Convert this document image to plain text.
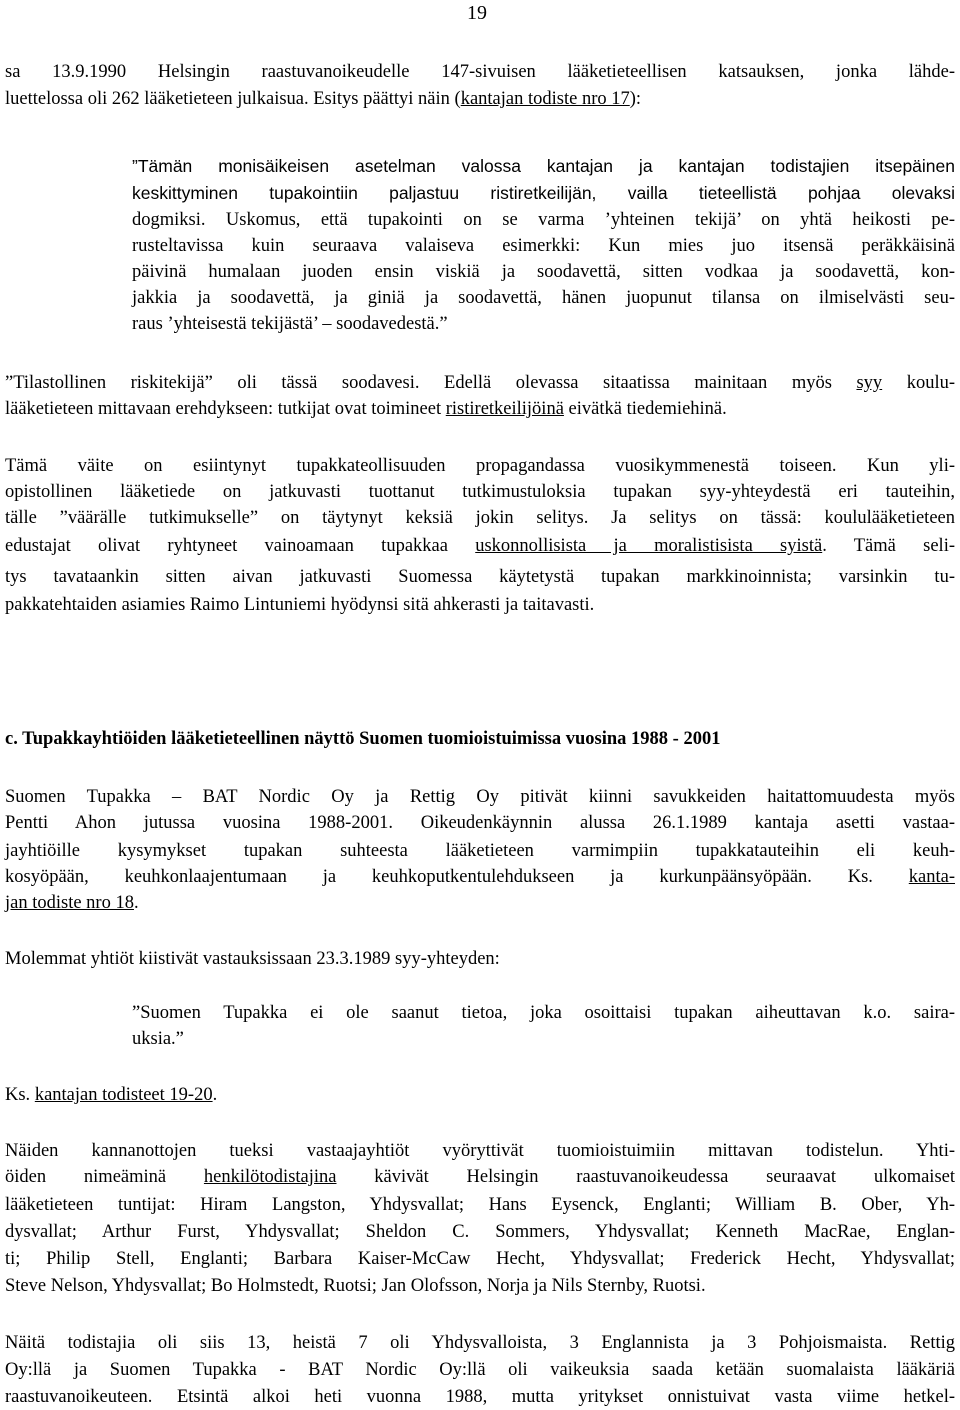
19
sa 13.9.1990 Helsingin raastuvanoikeudelle 147-sivuisen lääketieteellisen katsauksen, jonka lähde-
luettelossa oli 262 lääketieteen julkaisua. Esitys päättyi näin (kantajan todiste nro 17):
”Tämän monisäikeisen asetelman valossa kantajan ja kantajan todistajien itsepäinen
keskittyminen tupakointiin paljastuu ristiretkeilijän, vailla tieteellistä pohjaa olevaksi
dogmiksi. Uskomus, että tupakointi on se varma ’yhteinen tekijä’ on yhtä heikosti pe-
rusteltavissa kuin seuraava valaiseva esimerkki: Kun mies juo itsensä peräkkäisinä
päivinä humalaan juoden ensin viskiä ja soodavettä, sitten vodkaa ja soodavettä, kon-
jakkia ja soodavettä, ja giniä ja soodavettä, hänen juopunut tilansa on ilmiselvästi seu-
raus ’yhteisestä tekijästä’ – soodavedestä.”
”Tilastollinen riskitekijä” oli tässä soodavesi. Edellä olevassa sitaatissa mainitaan myös syy koulu-
lääketieteen mittavaan erehdykseen: tutkijat ovat toimineet ristiretkeilijöinä eivätkä tiedemiehinä.
Tämä väite on esiintynyt tupakkateollisuuden propagandassa vuosikymmenestä toiseen. Kun yli-
opistollinen lääketiede on jatkuvasti tuottanut tutkimustuloksia tupakan syy-yhteydestä eri tauteihin,
tälle ”väärälle tutkimukselle” on täytynyt keksiä jokin selitys. Ja selitys on tässä: koululääketieteen
edustajat olivat ryhtyneet vainoamaan tupakkaa uskonnollisista ja moralistisista syistä. Tämä seli-
tys tavataankin sitten aivan jatkuvasti Suomessa käytetystä tupakan markkinoinnista; varsinkin tu-
pakkatehtaiden asiamies Raimo Lintuniemi hyödynsi sitä ahkerasti ja taitavasti.
c. Tupakkayhtiöiden lääketieteellinen näyttö Suomen tuomioistuimissa vuosina 1988 - 2001
Suomen Tupakka – BAT Nordic Oy ja Rettig Oy pitivät kiinni savukkeiden haitattomuudesta myös
Pentti Ahon jutussa vuosina 1988-2001. Oikeudenkäynnin alussa 26.1.1989 kantaja asetti vastaa-
jayhtiöille kysymykset tupakan suhteesta lääketieteen varmimpiin tupakkatauteihin eli keuh-
kosyöpään, keuhkonlaajentumaan ja keuhkoputkentulehdukseen ja kurkunpäänsyöpään. Ks. kanta-
jan todiste nro 18.
Molemmat yhtiöt kiistivät vastauksissaan 23.3.1989 syy-yhteyden:
”Suomen Tupakka ei ole saanut tietoa, joka osoittaisi tupakan aiheuttavan k.o. saira-
uksia.”
Ks. kantajan todisteet 19-20.
Näiden kannanottojen tueksi vastaajayhtiöt vyöryttivät tuomioistuimiin mittavan todistelun. Yhti-
öiden nimeäminä henkilötodistajina kävivät Helsingin raastuvanoikeudessa seuraavat ulkomaiset
lääketieteen tuntijat: Hiram Langston, Yhdysvallat; Hans Eysenck, Englanti; William B. Ober, Yh-
dysvallat; Arthur Furst, Yhdysvallat; Sheldon C. Sommers, Yhdysvallat; Kenneth MacRae, Englan-
ti; Philip Stell, Englanti; Barbara Kaiser-McCaw Hecht, Yhdysvallat; Frederick Hecht, Yhdysvallat;
Steve Nelson, Yhdysvallat; Bo Holmstedt, Ruotsi; Jan Olofsson, Norja ja Nils Sternby, Ruotsi.
Näitä todistajia oli siis 13, heistä 7 oli Yhdysvalloista, 3 Englannista ja 3 Pohjoismaista. Rettig
Oy:llä ja Suomen Tupakka - BAT Nordic Oy:llä oli vaikeuksia saada ketään suomalaista lääkäriä
raastuvanoikeuteen. Etsintä alkoi heti vuonna 1988, mutta yritykset onnistuivat vasta viime hetkel-
